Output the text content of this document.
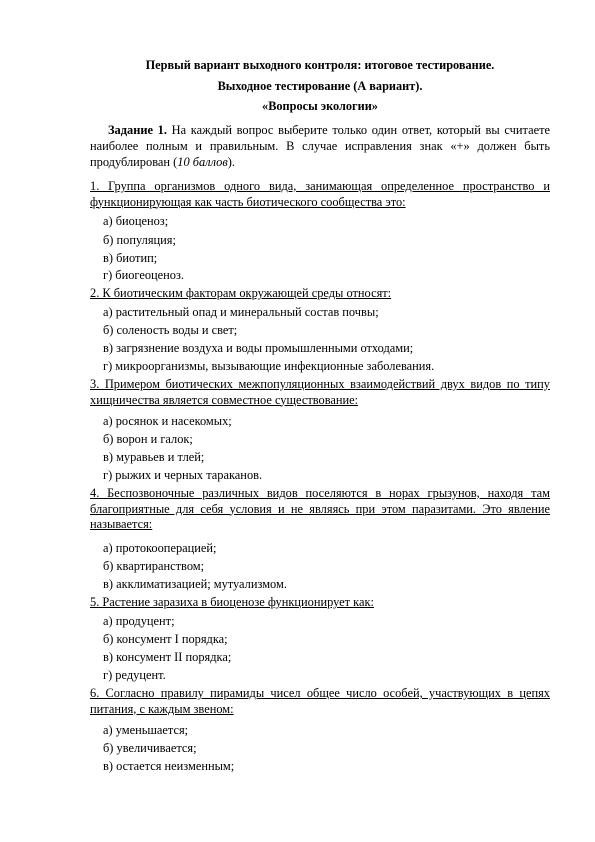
Первый вариант выходного контроля: итоговое тестирование.
Выходное тестирование (А вариант).
«Вопросы экологии»
Задание 1. На каждый вопрос выберите только один ответ, который вы считаете наиболее полным и правильным. В случае исправления знак «+» должен быть продублирован (10 баллов).
1. Группа организмов одного вида, занимающая определенное пространство и функционирующая как часть биотического сообщества это:
а) биоценоз;
б) популяция;
в) биотип;
г) биогеоценоз.
2. К биотическим факторам окружающей среды относят:
а) растительный опад и минеральный состав почвы;
б) соленость воды и свет;
в) загрязнение воздуха и воды промышленными отходами;
г) микроорганизмы, вызывающие инфекционные заболевания.
3. Примером биотических межпопуляционных взаимодействий двух видов по типу хищничества является совместное существование:
а) росянок и насекомых;
б) ворон и галок;
в) муравьев и тлей;
г) рыжих и черных тараканов.
4. Беспозвоночные различных видов поселяются в норах грызунов, находя там благоприятные для себя условия и не являясь при этом паразитами. Это явление называется:
а) протокооперацией;
б) квартиранством;
в) акклиматизацией; мутуализмом.
5. Растение заразиха в биоценозе функционирует как:
а) продуцент;
б) консумент I порядка;
в) консумент II порядка;
г) редуцент.
6. Согласно правилу пирамиды чисел общее число особей, участвующих в цепях питания, с каждым звеном:
а) уменьшается;
б) увеличивается;
в) остается неизменным;
